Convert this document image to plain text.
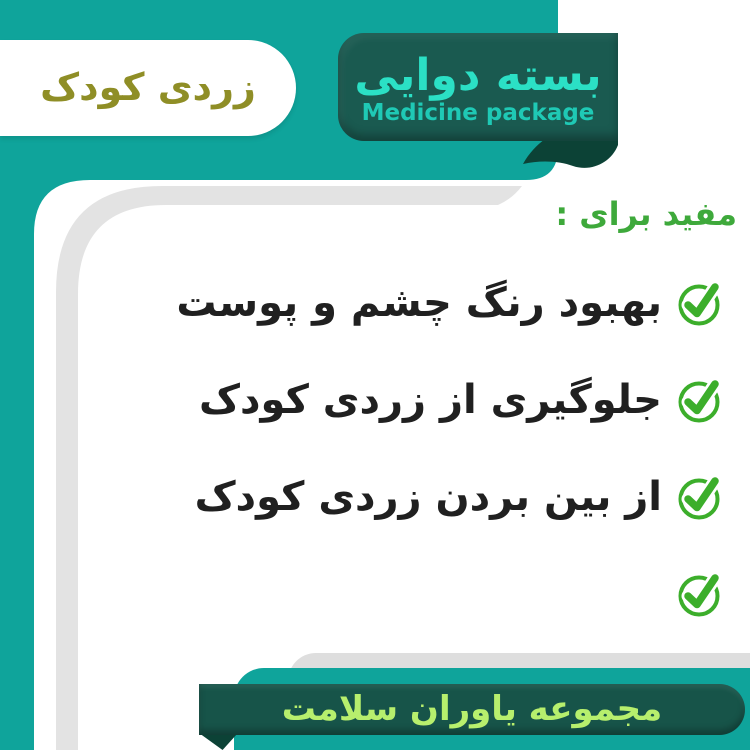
زردی کودک بسته دوایی
Medicine package
مفید برای :
بهبود رنگ چشم و پوست
جلوگیری از زردی کودک
از بین بردن زردی کودک
مجموعه یاوران سلامت
